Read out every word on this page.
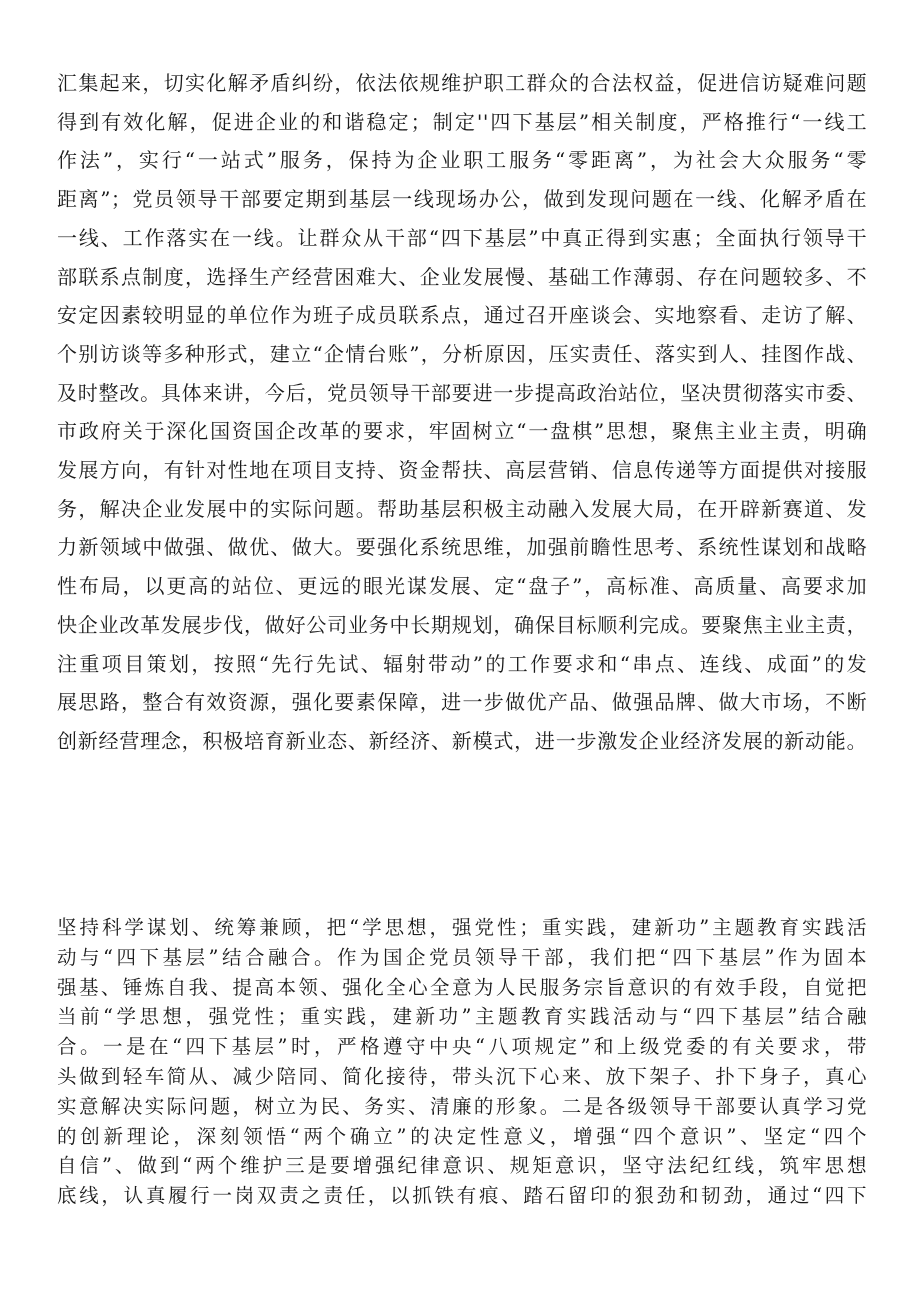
汇集起来，切实化解矛盾纠纷，依法依规维护职工群众的合法权益，促进信访疑难问题
得到有效化解，促进企业的和谐稳定；制定''四下基层”相关制度，严格推行“一线工
作法”，实行“一站式”服务，保持为企业职工服务“零距离”，为社会大众服务“零
距离”；党员领导干部要定期到基层一线现场办公，做到发现问题在一线、化解矛盾在
一线、工作落实在一线。让群众从干部“四下基层”中真正得到实惠；全面执行领导干
部联系点制度，选择生产经营困难大、企业发展慢、基础工作薄弱、存在问题较多、不
安定因素较明显的单位作为班子成员联系点，通过召开座谈会、实地察看、走访了解、
个别访谈等多种形式，建立“企情台账”，分析原因，压实责任、落实到人、挂图作战、
及时整改。具体来讲，今后，党员领导干部要进一步提高政治站位，坚决贯彻落实市委、
市政府关于深化国资国企改革的要求，牢固树立“一盘棋”思想，聚焦主业主责，明确
发展方向，有针对性地在项目支持、资金帮扶、高层营销、信息传递等方面提供对接服
务，解决企业发展中的实际问题。帮助基层积极主动融入发展大局，在开辟新赛道、发
力新领域中做强、做优、做大。要强化系统思维，加强前瞻性思考、系统性谋划和战略
性布局，以更高的站位、更远的眼光谋发展、定“盘子”，高标准、高质量、高要求加
快企业改革发展步伐，做好公司业务中长期规划，确保目标顺利完成。要聚焦主业主责，
注重项目策划，按照“先行先试、辐射带动”的工作要求和“串点、连线、成面”的发
展思路，整合有效资源，强化要素保障，进一步做优产品、做强品牌、做大市场，不断
创新经营理念，积极培育新业态、新经济、新模式，进一步激发企业经济发展的新动能。
坚持科学谋划、统筹兼顾，把“学思想，强党性；重实践，建新功”主题教育实践活
动与“四下基层”结合融合。作为国企党员领导干部，我们把“四下基层”作为固本
强基、锤炼自我、提高本领、强化全心全意为人民服务宗旨意识的有效手段，自觉把
当前“学思想，强党性；重实践，建新功”主题教育实践活动与“四下基层”结合融
合。一是在“四下基层”时，严格遵守中央“八项规定”和上级党委的有关要求，带
头做到轻车简从、减少陪同、简化接待，带头沉下心来、放下架子、扑下身子，真心
实意解决实际问题，树立为民、务实、清廉的形象。二是各级领导干部要认真学习党
的创新理论，深刻领悟“两个确立”的决定性意义，增强“四个意识”、坚定“四个
自信”、做到“两个维护三是要增强纪律意识、规矩意识，坚守法纪红线，筑牢思想
底线，认真履行一岗双责之责任，以抓铁有痕、踏石留印的狠劲和韧劲，通过“四下
